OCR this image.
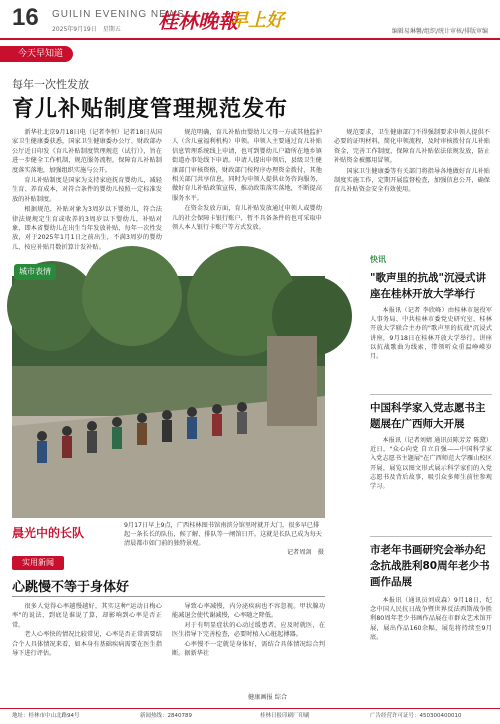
16 GUILIN EVENING NEWS
2025年9月19日　星期五 桂林晚報
早上好
编辑易琳馨/组织/统计审核/排版审编
今天早知道
每年一次性发放
育儿补贴制度管理规范发布

新华社北京9月18日电（记者李恒）记者18日从国家卫生健康委获悉，国家卫生健康委办公厅、财政部办公厅近日印发《育儿补贴制度管理规范（试行）》，旨在进一步健全工作机制，规范服务流程，保障育儿补贴制度落实落地，加强组织实施与公开。

育儿补贴制度是国家为支持家庭抚育婴幼儿，减轻生育、养育成本，对符合条件的婴幼儿按照一定标准发放的补贴制度。

根据规范，补贴对象为3周岁以下婴幼儿，符合法律法规规定生育或收养的3周岁以下婴幼儿，补贴对象，即本省婴幼儿在出生当年发放补贴，每年一次性发放，对于2025年1月1日之前出生，不满3周岁的婴幼儿，按应补贴月数折算计发补贴。

规范明确，育儿补贴由婴幼儿父母一方或其他监护人（含儿童福利机构）申领。申领人主要通过育儿补贴信息管理系统线上申请，也可到婴幼儿户籍所在地乡镇街道办事处线下申请。申请人提出申领后，县级卫生健康部门审核资格，财政部门按程序办理资金拨付，其他相关部门共享信息，同时为申领人提供业务咨询服务，做好育儿补贴政策宣传，推动政策落实落地，不断提高服务水平。

在资金发放方面，育儿补贴发放通过申领人或婴幼儿的社会保障卡银行账户，暂不具备条件的也可采取申领人本人银行卡账户等方式发放。

规范要求，卫生健康部门不得强制要求申领人提供不必要的证明材料，简化申领流程，及时审核拨付育儿补贴资金，完善工作制度，保障育儿补贴依法依规发放，防止补贴资金被挪用冒领。

国家卫生健康委等有关部门将指导各地做好育儿补贴制度实施工作，定期开展监督检查，加强信息公开，确保育儿补贴资金安全有效使用。

城市表情
晨光中的长队
9月17日早上9点，广西桂林图书馆南滨分馆里时就开大门，很多早已排起一条长长的队伍，候了解、排队等一闸馆日开。这就是长队已成为每天清晨都市如门前的独特景观。
记者周剑　摄
实用新闻
心跳慢不等于身体好

很多人觉得心率越慢越好，其实这种"运动日梅心率"的说法，到底是谁说了算，却影响到心率是否正常。

老人心率快的情况比较常见，心率是否正常需要结合个人具体情况来看，如本身有基础疾病需要在医生指导下进行评估。

导致心率减慢，内分泌疾病也不容忽视。甲状腺功能减退会使代谢减慢，心率随之降低。

对于有明显症状的心动过缓患者，应及时就医，在医生指导下完善检查，必要时植入心脏起搏器。

心率慢不一定就是身体好，需结合具体情况综合判断。据新华社

健康画报 综合
快讯
"歌声里的抗战"沉浸式讲座在桂林开放大学举行

本报讯（记者 李欣峰）由桂林市退役军人事务局、中共桂林市委党史研究室、桂林开放大学联合主办的"歌声里的抗战"沉浸式讲座，9月18日在桂林开放大学举行。讲座以抗战歌曲为线索，带领听众重温峥嵘岁月。

中国科学家入党志愿书主题展在广西师大开展

本报讯（记者刘婧 通讯员陈芳芳 陈黛）近日，"众心向党 自立自强——中国科学家入党志愿书主题展"在广西师范大学雁山校区开展，展览以图文形式展示科学家们的入党志愿书及背后故事，吸引众多师生前往参观学习。

市老年书画研究会举办纪念抗战胜利80周年老少书画作品展

本报讯（通讯员刘成森）9月18日，纪念中国人民抗日战争暨世界反法西斯战争胜利80周年老少书画作品展在市群众艺术馆开展，展出作品160余幅，展览将持续至9月底。

地址：桂林市中山北路94号	新闻热线：2840789	桂林日报印刷厂印刷	广告经营许可证号：450300400010
